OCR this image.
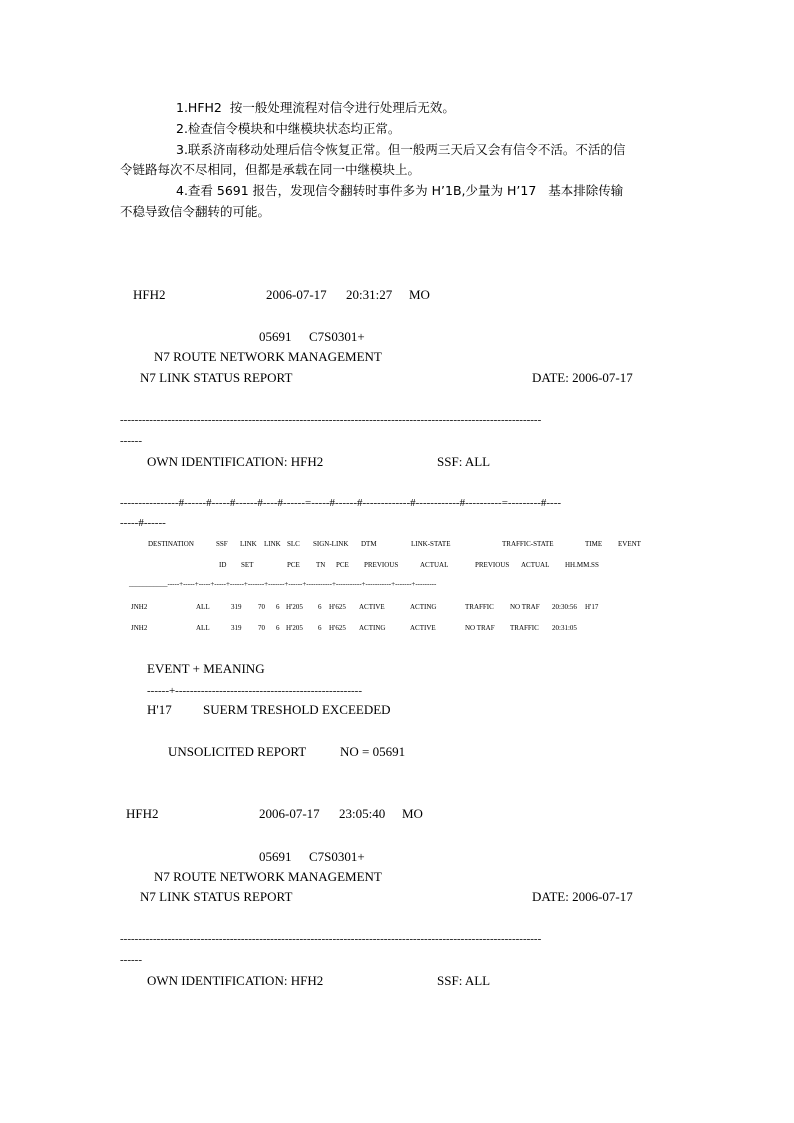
1.HFH2  按一般处理流程对信令进行处理后无效。
2.检查信令模块和中继模块状态均正常。
3.联系济南移动处理后信令恢复正常。但一般两三天后又会有信令不活。不活的信
令链路每次不尽相同，但都是承载在同一中继模块上。
4.查看 5691 报告，发现信令翻转时事件多为 H’1B,少量为 H’17   基本排除传输
不稳导致信令翻转的可能。
HFH2	2006-07-17 20:31:27 MO
05691 C7S0301+
N7 ROUTE NETWORK MANAGEMENT
N7 LINK STATUS REPORT	DATE: 2006-07-17
-------------------------------------------------------------------------------------------------------------------
------
OWN IDENTIFICATION: HFH2	SSF: ALL
----------------#------#-----#------#----#------=-----#------#-------------#------------#----------=---------#----
-----#------
DESTINATION	SSF LINK LINK SLC SIGN-LINK DTM	LINK-STATE	TRAFFIC-STATE	TIME EVENT
ID SET	PCE TN PCE PREVIOUS	ACTUAL	PREVIOUS ACTUAL HH.MM.SS
___________-----+-----+-----+-----+------+-------+-------+------+-----------+-----------+-----------+-------+---------
JNH2	ALL	319 70 6 H'205 6 H'625 ACTIVE	ACTING	TRAFFIC NO TRAF 20:30:56 H'17
JNH2	ALL	319 70 6 H'205 6 H'625 ACTING	ACTIVE	NO TRAF TRAFFIC 20:31:05
EVENT + MEANING
------+---------------------------------------------------
H'17 SUERM TRESHOLD EXCEEDED
UNSOLICITED REPORT	NO = 05691
HFH2	2006-07-17 23:05:40 MO
05691 C7S0301+
N7 ROUTE NETWORK MANAGEMENT
N7 LINK STATUS REPORT	DATE: 2006-07-17
-------------------------------------------------------------------------------------------------------------------
------
OWN IDENTIFICATION: HFH2	SSF: ALL
